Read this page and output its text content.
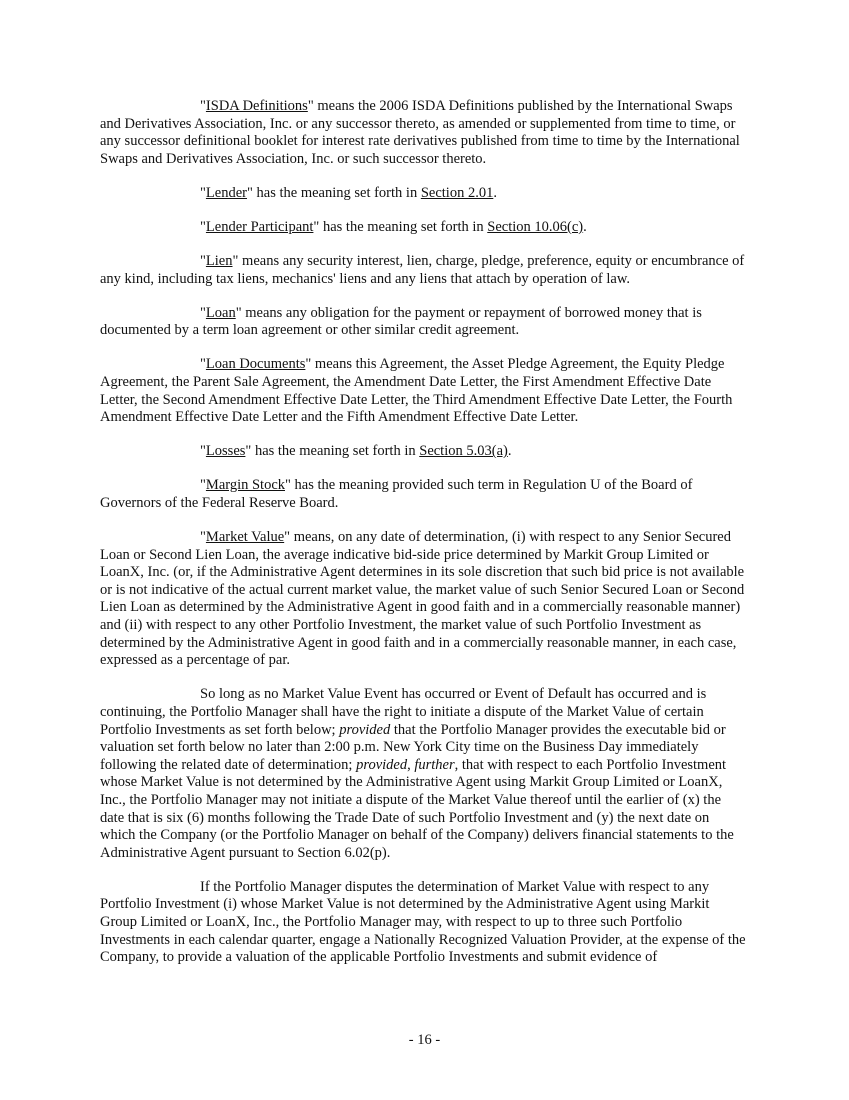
"ISDA Definitions" means the 2006 ISDA Definitions published by the International Swaps and Derivatives Association, Inc. or any successor thereto, as amended or supplemented from time to time, or any successor definitional booklet for interest rate derivatives published from time to time by the International Swaps and Derivatives Association, Inc. or such successor thereto.

"Lender" has the meaning set forth in Section 2.01.

"Lender Participant" has the meaning set forth in Section 10.06(c).

"Lien" means any security interest, lien, charge, pledge, preference, equity or encumbrance of any kind, including tax liens, mechanics' liens and any liens that attach by operation of law.

"Loan" means any obligation for the payment or repayment of borrowed money that is documented by a term loan agreement or other similar credit agreement.

"Loan Documents" means this Agreement, the Asset Pledge Agreement, the Equity Pledge Agreement, the Parent Sale Agreement, the Amendment Date Letter, the First Amendment Effective Date Letter, the Second Amendment Effective Date Letter, the Third Amendment Effective Date Letter, the Fourth Amendment Effective Date Letter and the Fifth Amendment Effective Date Letter.

"Losses" has the meaning set forth in Section 5.03(a).

"Margin Stock" has the meaning provided such term in Regulation U of the Board of Governors of the Federal Reserve Board.

"Market Value" means, on any date of determination, (i) with respect to any Senior Secured Loan or Second Lien Loan, the average indicative bid-side price determined by Markit Group Limited or LoanX, Inc. (or, if the Administrative Agent determines in its sole discretion that such bid price is not available or is not indicative of the actual current market value, the market value of such Senior Secured Loan or Second Lien Loan as determined by the Administrative Agent in good faith and in a commercially reasonable manner) and (ii) with respect to any other Portfolio Investment, the market value of such Portfolio Investment as determined by the Administrative Agent in good faith and in a commercially reasonable manner, in each case, expressed as a percentage of par.

So long as no Market Value Event has occurred or Event of Default has occurred and is continuing, the Portfolio Manager shall have the right to initiate a dispute of the Market Value of certain Portfolio Investments as set forth below; provided that the Portfolio Manager provides the executable bid or valuation set forth below no later than 2:00 p.m. New York City time on the Business Day immediately following the related date of determination; provided, further, that with respect to each Portfolio Investment whose Market Value is not determined by the Administrative Agent using Markit Group Limited or LoanX, Inc., the Portfolio Manager may not initiate a dispute of the Market Value thereof until the earlier of (x) the date that is six (6) months following the Trade Date of such Portfolio Investment and (y) the next date on which the Company (or the Portfolio Manager on behalf of the Company) delivers financial statements to the Administrative Agent pursuant to Section 6.02(p).

If the Portfolio Manager disputes the determination of Market Value with respect to any Portfolio Investment (i) whose Market Value is not determined by the Administrative Agent using Markit Group Limited or LoanX, Inc., the Portfolio Manager may, with respect to up to three such Portfolio Investments in each calendar quarter, engage a Nationally Recognized Valuation Provider, at the expense of the Company, to provide a valuation of the applicable Portfolio Investments and submit evidence of

- 16 -
